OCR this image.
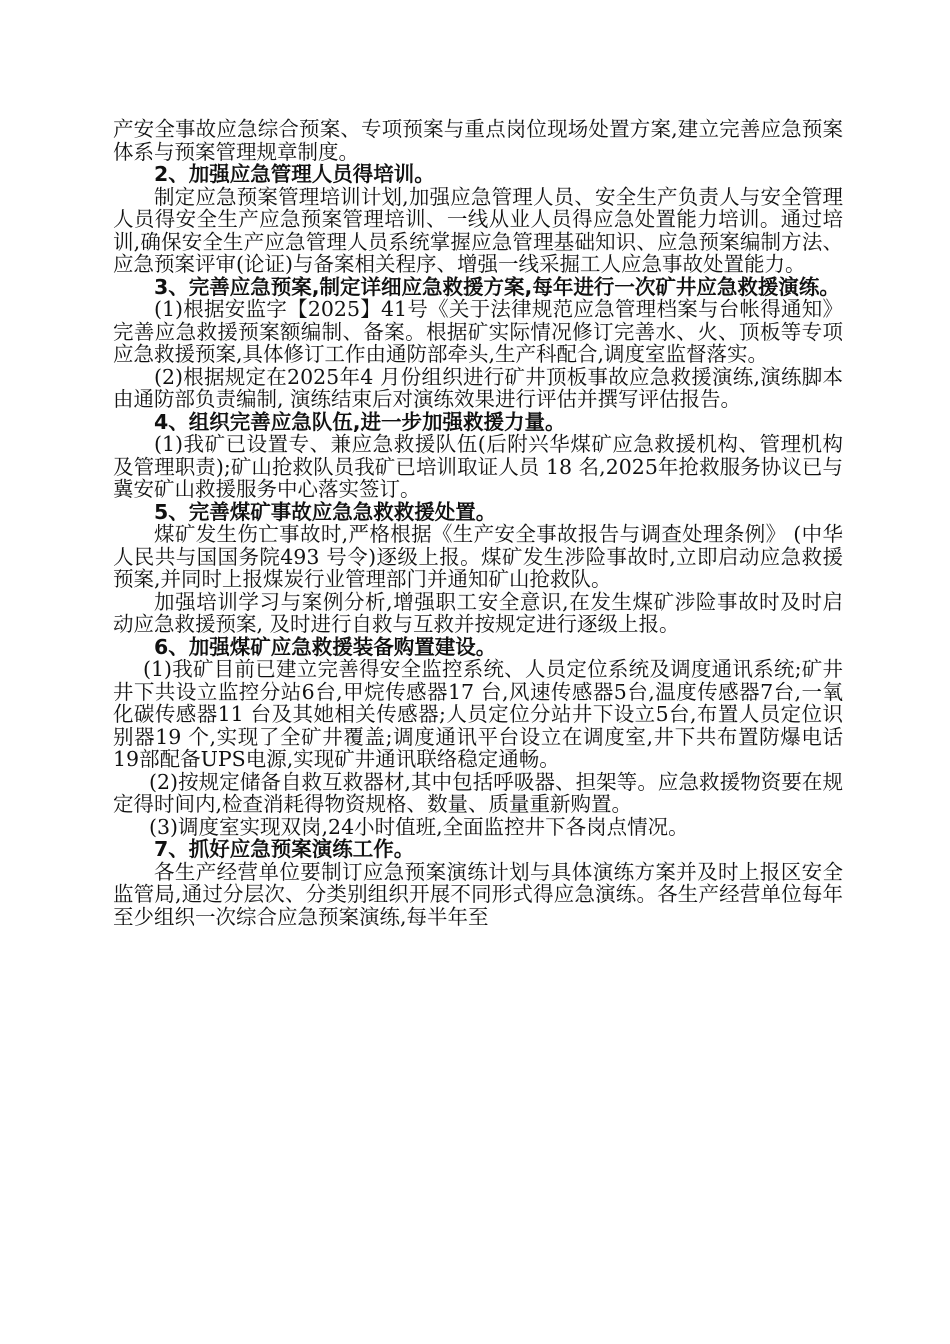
产安全事故应急综合预案、专项预案与重点岗位现场处置方案,建立完善应急预案体系与预案管理规章制度。

2、加强应急管理人员得培训。

制定应急预案管理培训计划,加强应急管理人员、安全生产负责人与安全管理人员得安全生产应急预案管理培训、一线从业人员得应急处置能力培训。通过培训,确保安全生产应急管理人员系统掌握应急管理基础知识、应急预案编制方法、应急预案评审(论证)与备案相关程序、增强一线采掘工人应急事故处置能力。

3、完善应急预案,制定详细应急救援方案,每年进行一次矿井应急救援演练。

(1)根据安监字【2025】41号《关于法律规范应急管理档案与台帐得通知》完善应急救援预案额编制、备案。根据矿实际情况修订完善水、火、顶板等专项应急救援预案,具体修订工作由通防部牵头,生产科配合,调度室监督落实。

(2)根据规定在2025年4 月份组织进行矿井顶板事故应急救援演练,演练脚本由通防部负责编制, 演练结束后对演练效果进行评估并撰写评估报告。

4、组织完善应急队伍,进一步加强救援力量。

(1)我矿已设置专、兼应急救援队伍(后附兴华煤矿应急救援机构、管理机构及管理职责);矿山抢救队员我矿已培训取证人员 18 名,2025年抢救服务协议已与冀安矿山救援服务中心落实签订。

5、完善煤矿事故应急急救救援处置。

煤矿发生伤亡事故时,严格根据《生产安全事故报告与调查处理条例》 (中华人民共与国国务院493 号令)逐级上报。煤矿发生涉险事故时,立即启动应急救援预案,并同时上报煤炭行业管理部门并通知矿山抢救队。

加强培训学习与案例分析,增强职工安全意识,在发生煤矿涉险事故时及时启动应急救援预案, 及时进行自救与互救并按规定进行逐级上报。

6、加强煤矿应急救援装备购置建设。

(1)我矿目前已建立完善得安全监控系统、人员定位系统及调度通讯系统;矿井井下共设立监控分站6台,甲烷传感器17 台,风速传感器5台,温度传感器7台,一氧化碳传感器11 台及其她相关传感器;人员定位分站井下设立5台,布置人员定位识别器19 个,实现了全矿井覆盖;调度通讯平台设立在调度室,井下共布置防爆电话19部配备UPS电源,实现矿井通讯联络稳定通畅。

(2)按规定储备自救互救器材,其中包括呼吸器、担架等。应急救援物资要在规定得时间内,检查消耗得物资规格、数量、质量重新购置。

(3)调度室实现双岗,24小时值班,全面监控井下各岗点情况。

7、抓好应急预案演练工作。

各生产经营单位要制订应急预案演练计划与具体演练方案并及时上报区安全监管局,通过分层次、分类别组织开展不同形式得应急演练。各生产经营单位每年至少组织一次综合应急预案演练,每半年至
